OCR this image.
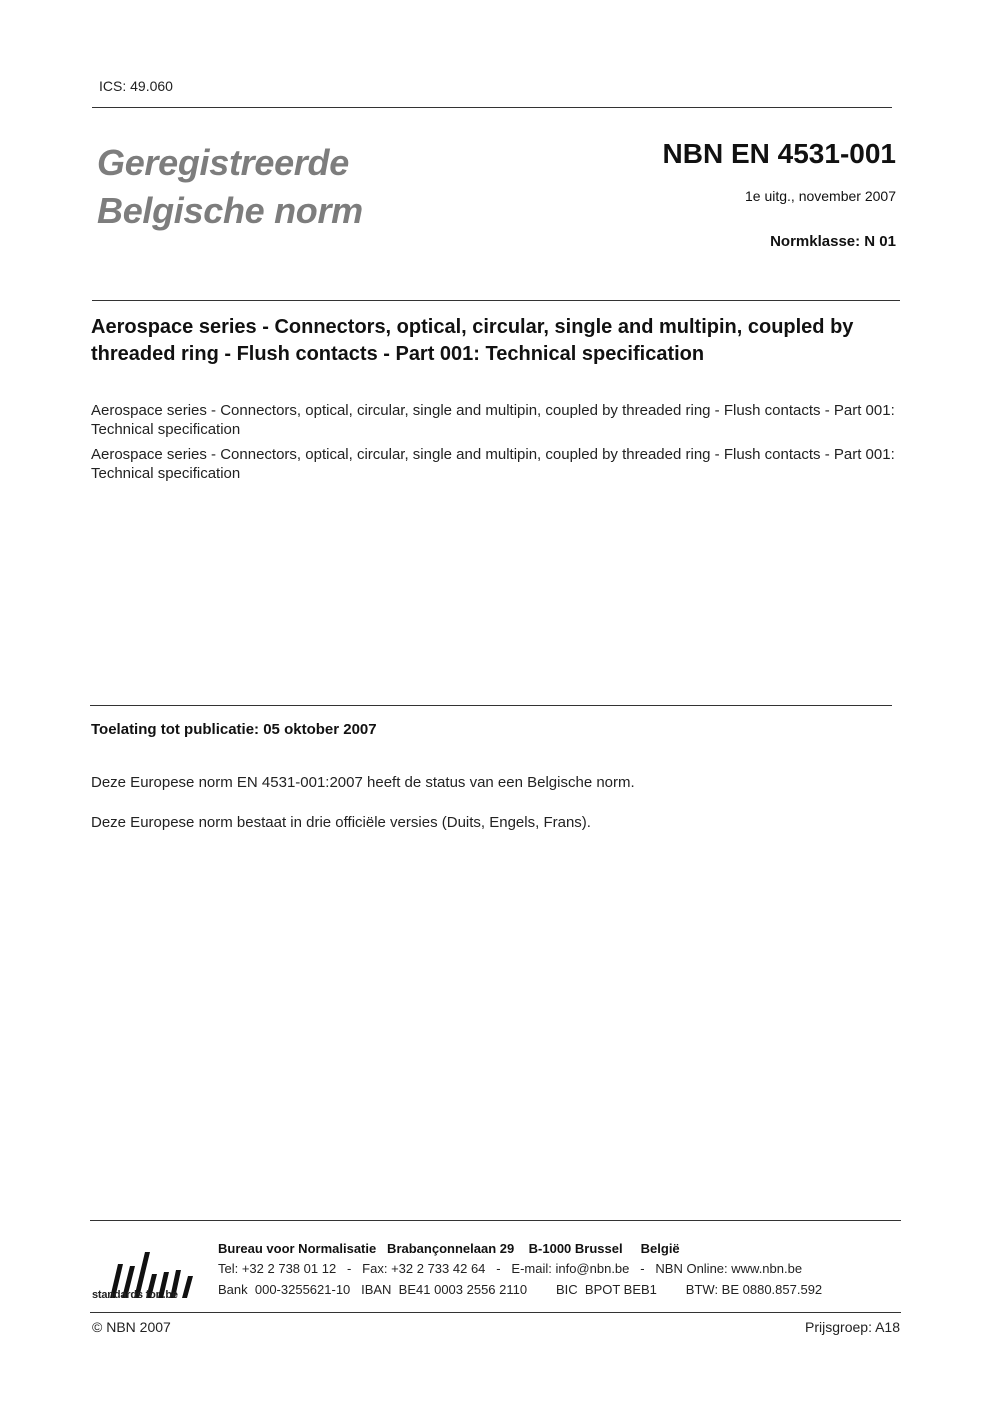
ICS: 49.060
Geregistreerde
Belgische norm
NBN EN 4531-001
1e uitg., november 2007
Normklasse: N 01
Aerospace series - Connectors, optical, circular, single and multipin, coupled by threaded ring - Flush contacts - Part 001: Technical specification
Aerospace series - Connectors, optical, circular, single and multipin, coupled by threaded ring - Flush contacts - Part 001: Technical specification
Aerospace series - Connectors, optical, circular, single and multipin, coupled by threaded ring - Flush contacts - Part 001: Technical specification
Toelating tot publicatie: 05 oktober 2007
Deze Europese norm EN 4531-001:2007 heeft de status van een Belgische norm.
Deze Europese norm bestaat in drie officiële versies (Duits, Engels, Frans).
standards for .be
Bureau voor Normalisatie   Brabançonnelaan 29    B-1000 Brussel     België
Tel: +32 2 738 01 12   -   Fax: +32 2 733 42 64   -   E-mail: info@nbn.be   -   NBN Online: www.nbn.be
Bank  000-3255621-10   IBAN  BE41 0003 2556 2110        BIC  BPOT BEB1        BTW: BE 0880.857.592
© NBN 2007	Prijsgroep: A18
